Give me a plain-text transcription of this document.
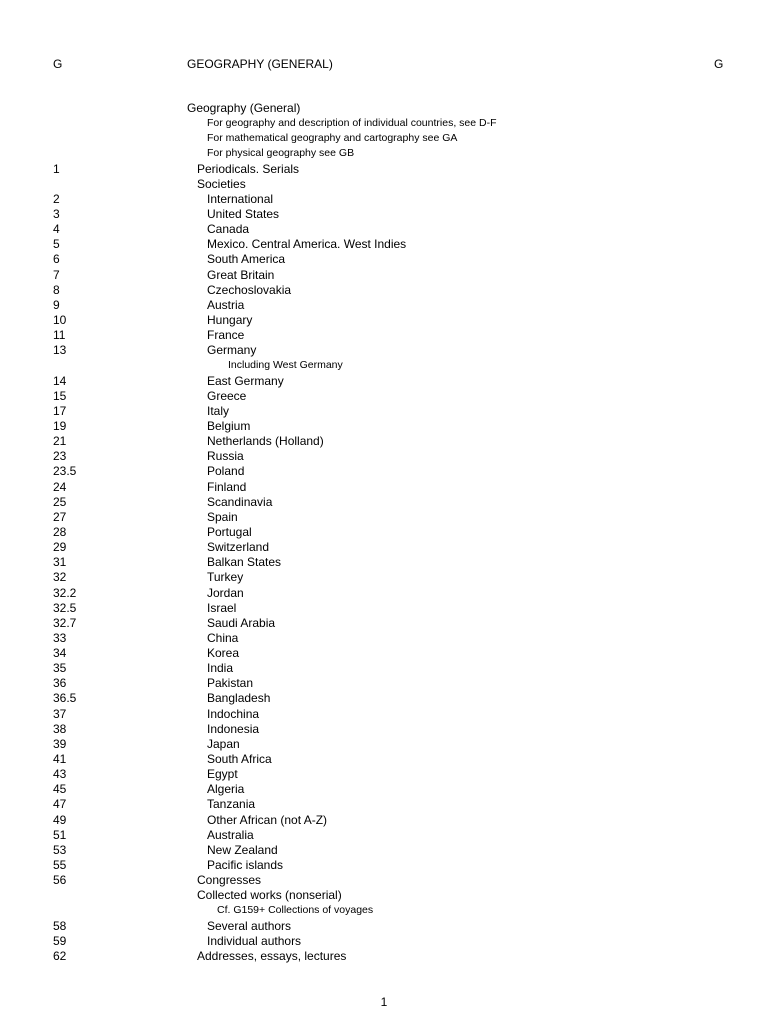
G	GEOGRAPHY (GENERAL)	G
Geography (General)
For geography and description of individual countries, see D-F
For mathematical geography and cartography see GA
For physical geography see GB
1	Periodicals. Serials
Societies
2	International
3	United States
4	Canada
5	Mexico. Central America. West Indies
6	South America
7	Great Britain
8	Czechoslovakia
9	Austria
10	Hungary
11	France
13	Germany
Including West Germany
14	East Germany
15	Greece
17	Italy
19	Belgium
21	Netherlands (Holland)
23	Russia
23.5	Poland
24	Finland
25	Scandinavia
27	Spain
28	Portugal
29	Switzerland
31	Balkan States
32	Turkey
32.2	Jordan
32.5	Israel
32.7	Saudi Arabia
33	China
34	Korea
35	India
36	Pakistan
36.5	Bangladesh
37	Indochina
38	Indonesia
39	Japan
41	South Africa
43	Egypt
45	Algeria
47	Tanzania
49	Other African (not A-Z)
51	Australia
53	New Zealand
55	Pacific islands
56	Congresses
Collected works (nonserial)
Cf. G159+ Collections of voyages
58	Several authors
59	Individual authors
62	Addresses, essays, lectures
1
